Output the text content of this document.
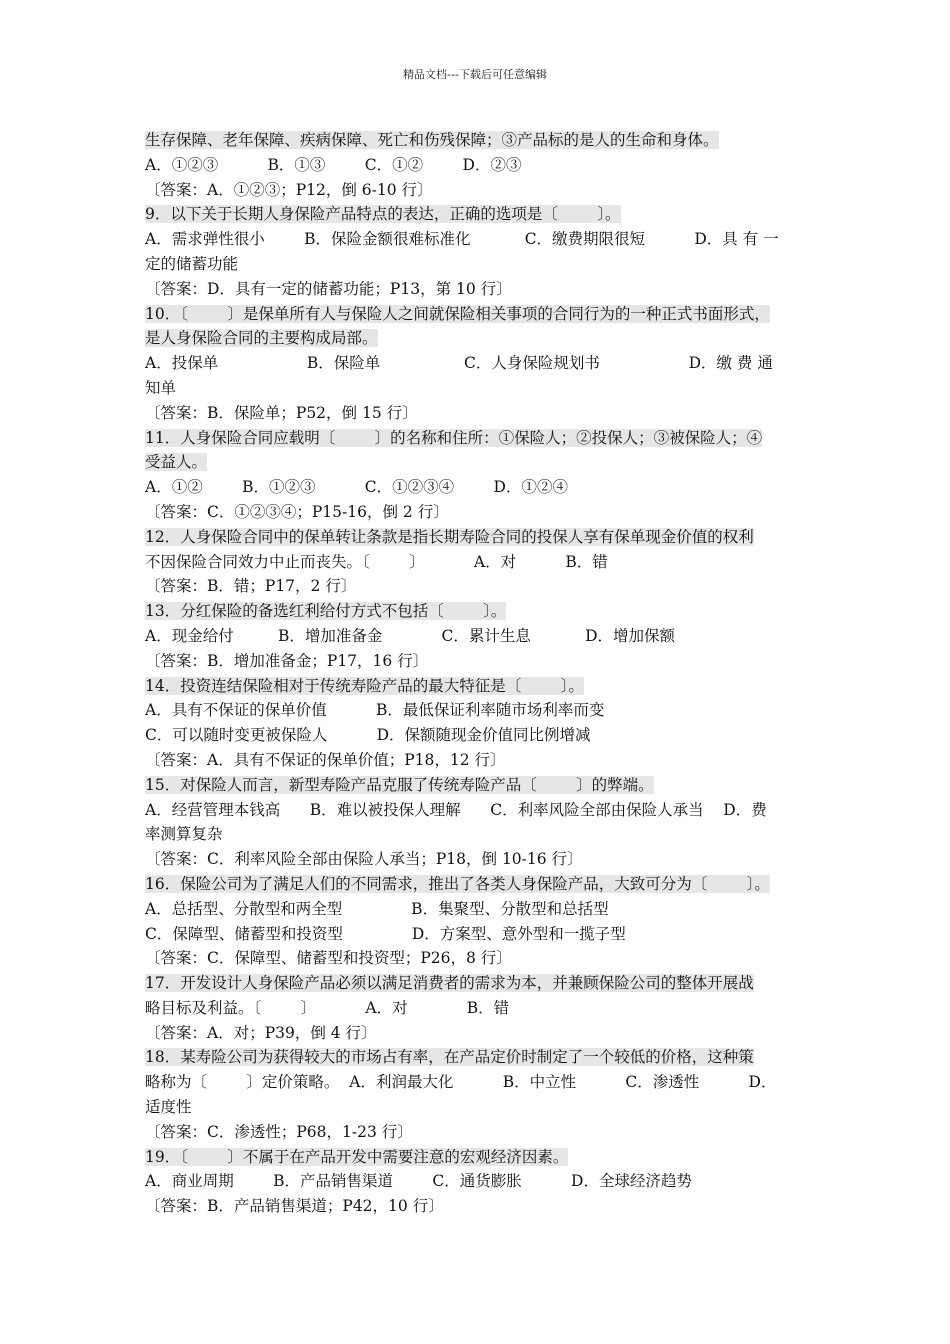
精品文档---下载后可任意编辑
生存保障、老年保障、疾病保障、死亡和伤残保障；③产品标的是人的生命和身体。
A．①②③          B．①③        C．①②        D．②③
〔答案：A．①②③；P12，倒 6-10 行〕
9．以下关于长期人身保险产品特点的表达，正确的选项是〔        〕。
A．需求弹性很小        B．保险金额很难标准化           C．缴费期限很短          D．具 有 一
定的储蓄功能
〔答案：D．具有一定的储蓄功能；P13，第 10 行〕
10．〔        〕是保单所有人与保险人之间就保险相关事项的合同行为的一种正式书面形式，
是人身保险合同的主要构成局部。
A．投保单                  B．保险单                 C．人身保险规划书                  D．缴 费 通
知单
〔答案：B．保险单；P52，倒 15 行〕
11．人身保险合同应载明〔        〕的名称和住所：①保险人；②投保人；③被保险人；④
受益人。
A．①②        B．①②③          C．①②③④        D．①②④
〔答案：C．①②③④；P15-16，倒 2 行〕
12．人身保险合同中的保单转让条款是指长期寿险合同的投保人享有保单现金价值的权利
不因保险合同效力中止而丧失。〔        〕          A．对          B．错
〔答案：B．错；P17，2 行〕
13．分红保险的备选红利给付方式不包括〔        〕。
A．现金给付         B．增加准备金            C．累计生息           D．增加保额
〔答案：B．增加准备金；P17，16 行〕
14．投资连结保险相对于传统寿险产品的最大特征是〔        〕。
A．具有不保证的保单价值          B．最低保证利率随市场利率而变
C．可以随时变更被保险人          D．保额随现金价值同比例增减
〔答案：A．具有不保证的保单价值；P18，12 行〕
15．对保险人而言，新型寿险产品克服了传统寿险产品〔        〕的弊端。
A．经营管理本钱高      B．难以被投保人理解      C．利率风险全部由保险人承当    D．费
率测算复杂
〔答案：C．利率风险全部由保险人承当；P18，倒 10-16 行〕
16．保险公司为了满足人们的不同需求，推出了各类人身保险产品，大致可分为〔        〕。
A．总括型、分散型和两全型              B．集聚型、分散型和总括型
C．保障型、储蓄型和投资型              D．方案型、意外型和一揽子型
〔答案：C．保障型、储蓄型和投资型；P26，8 行〕
17．开发设计人身保险产品必须以满足消费者的需求为本，并兼顾保险公司的整体开展战
略目标及利益。〔        〕          A．对            B．错
〔答案：A．对；P39，倒 4 行〕
18．某寿险公司为获得较大的市场占有率，在产品定价时制定了一个较低的价格，这种策
略称为〔        〕定价策略。  A．利润最大化          B．中立性          C．渗透性          D．
适度性
〔答案：C．渗透性；P68，1-23 行〕
19．〔        〕不属于在产品开发中需要注意的宏观经济因素。
A．商业周期        B．产品销售渠道        C．通货膨胀          D．全球经济趋势
〔答案：B．产品销售渠道；P42，10 行〕
